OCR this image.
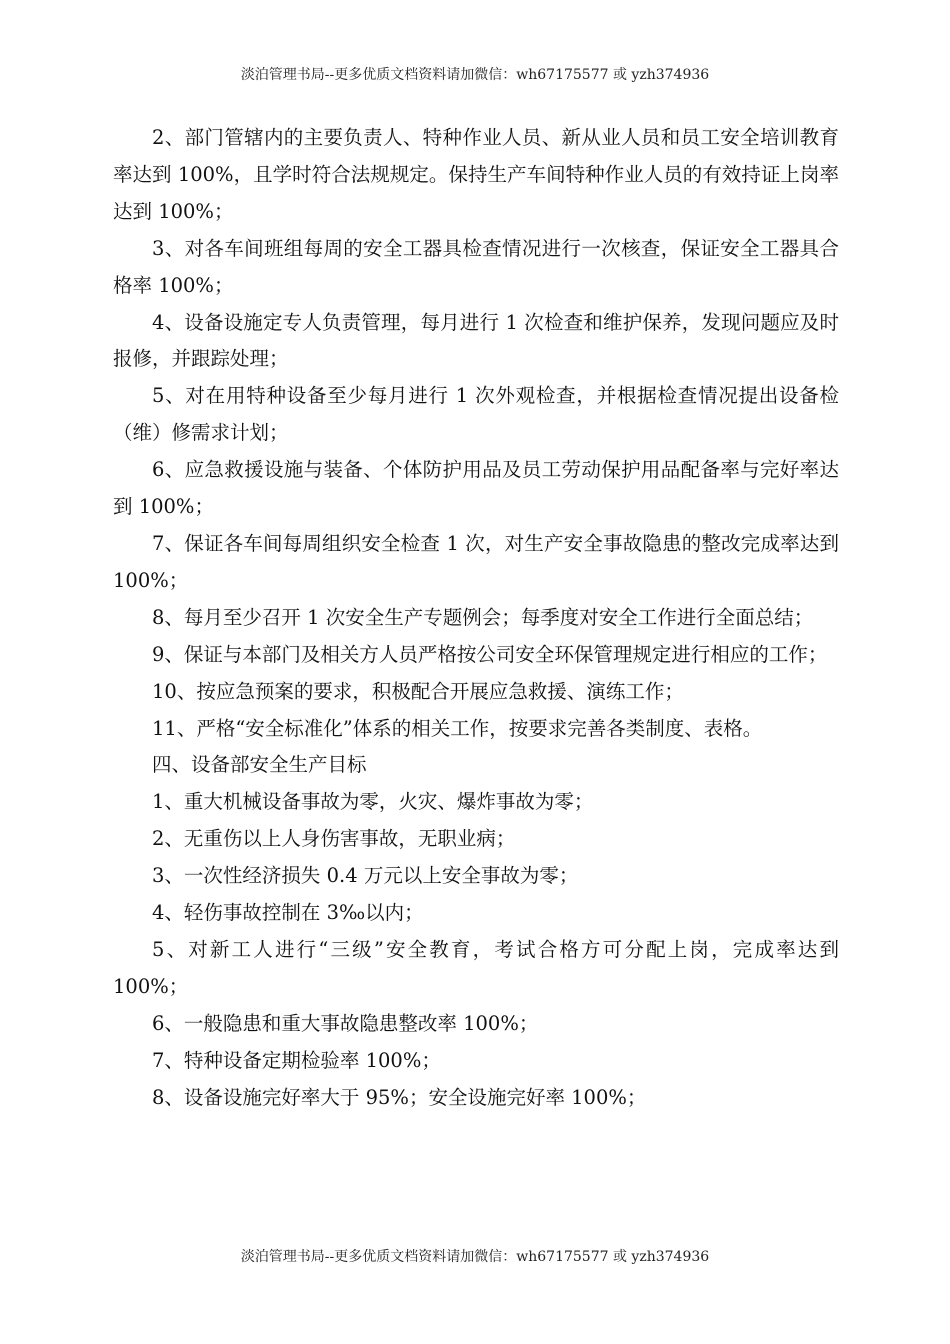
淡泊管理书局--更多优质文档资料请加微信：wh67175577 或 yzh374936

2、部门管辖内的主要负责人、特种作业人员、新从业人员和员工安全培训教育率达到 100%，且学时符合法规规定。保持生产车间特种作业人员的有效持证上岗率达到 100%；

3、对各车间班组每周的安全工器具检查情况进行一次核查，保证安全工器具合格率 100%；

4、设备设施定专人负责管理，每月进行 1 次检查和维护保养，发现问题应及时报修，并跟踪处理；

5、对在用特种设备至少每月进行 1 次外观检查，并根据检查情况提出设备检（维）修需求计划；

6、应急救援设施与装备、个体防护用品及员工劳动保护用品配备率与完好率达到 100%；

7、保证各车间每周组织安全检查 1 次，对生产安全事故隐患的整改完成率达到 100%；

8、每月至少召开 1 次安全生产专题例会；每季度对安全工作进行全面总结；

9、保证与本部门及相关方人员严格按公司安全环保管理规定进行相应的工作；

10、按应急预案的要求，积极配合开展应急救援、演练工作；

11、严格“安全标准化”体系的相关工作，按要求完善各类制度、表格。

四、设备部安全生产目标

1、重大机械设备事故为零，火灾、爆炸事故为零；

2、无重伤以上人身伤害事故，无职业病；

3、一次性经济损失 0.4 万元以上安全事故为零；

4、轻伤事故控制在 3‰以内；

5、对新工人进行“三级”安全教育，考试合格方可分配上岗，完成率达到 100%；

6、一般隐患和重大事故隐患整改率 100%；

7、特种设备定期检验率 100%；

8、设备设施完好率大于 95%；安全设施完好率 100%；

淡泊管理书局--更多优质文档资料请加微信：wh67175577 或 yzh374936
